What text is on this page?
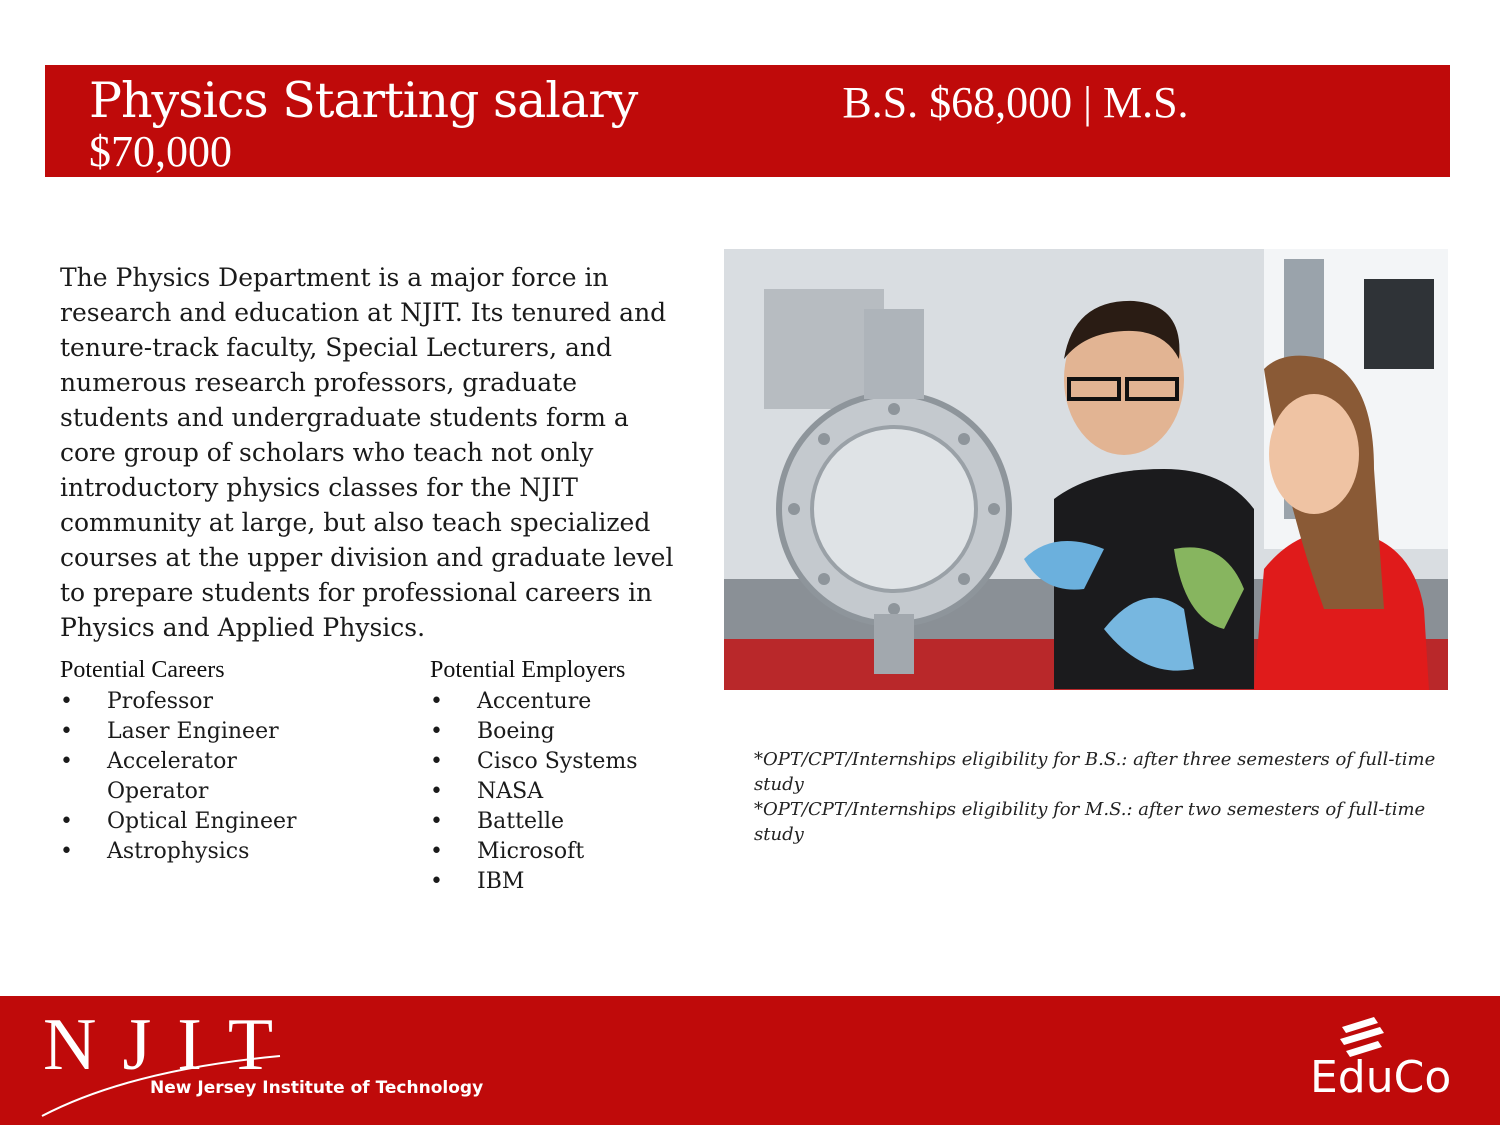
Physics Starting salary	B.S. $68,000 | M.S.
$70,000

The Physics Department is a major force in research and education at NJIT. Its tenured and tenure-track faculty, Special Lecturers, and numerous research professors, graduate students and undergraduate students form a core group of scholars who teach not only introductory physics classes for the NJIT community at large, but also teach specialized courses at the upper division and graduate level to prepare students for professional careers in Physics and Applied Physics.

Potential Careers
• Professor
• Laser Engineer
• Accelerator Operator
• Optical Engineer
• Astrophysics
Potential Employers
• Accenture
• Boeing
• Cisco Systems
• NASA
• Battelle
• Microsoft
• IBM

*OPT/CPT/Internships eligibility for B.S.: after three semesters of full-time study

*OPT/CPT/Internships eligibility for M.S.: after two semesters of full-time study

NJIT
New Jersey Institute of Technology	EduCo
